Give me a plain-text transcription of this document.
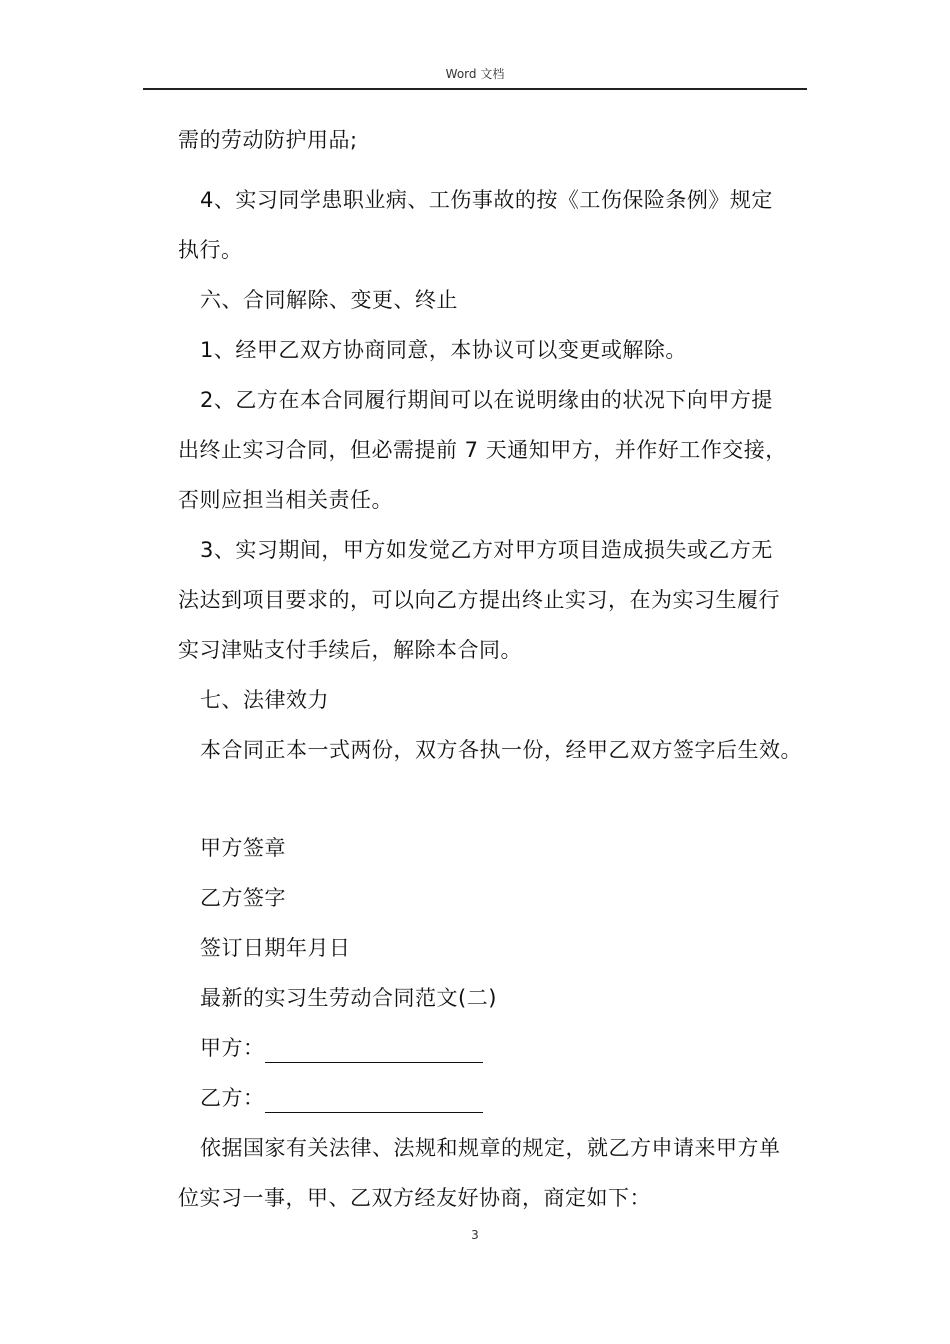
Word 文档
需的劳动防护用品;
4、实习同学患职业病、工伤事故的按《工伤保险条例》规定
执行。
六、合同解除、变更、终止
1、经甲乙双方协商同意，本协议可以变更或解除。
2、乙方在本合同履行期间可以在说明缘由的状况下向甲方提
出终止实习合同，但必需提前 7 天通知甲方，并作好工作交接，
否则应担当相关责任。
3、实习期间，甲方如发觉乙方对甲方项目造成损失或乙方无
法达到项目要求的，可以向乙方提出终止实习，在为实习生履行
实习津贴支付手续后，解除本合同。
七、法律效力
本合同正本一式两份，双方各执一份，经甲乙双方签字后生效。
甲方签章
乙方签字
签订日期年月日
最新的实习生劳动合同范文(二)
甲方：
乙方：
依据国家有关法律、法规和规章的规定，就乙方申请来甲方单
位实习一事，甲、乙双方经友好协商，商定如下：
3
